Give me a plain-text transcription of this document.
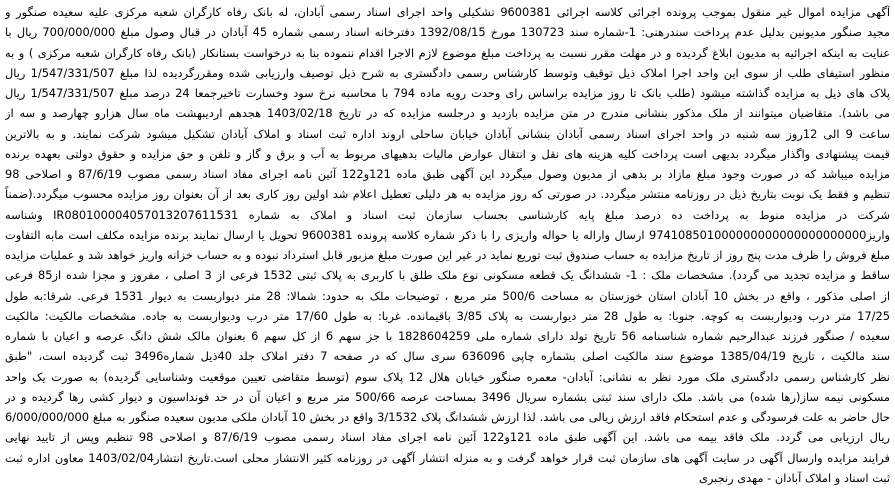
آگهی مزایده اموال غیر منقول بموجب پرونده اجرائی کلاسه اجرائی 9600381 تشکیلی واحد اجرای اسناد رسمی آبادان، له بانک رفاه کارگران شعبه مرکزی علیه سعیده صنگور و
مجید صنگور مدیونین بدلیل عدم پرداخت سندرهنی: 1-شماره سند 130723 مورخ 1392/08/15 دفترخانه اسناد رسمی شماره 45 آبادان در قبال وصول مبلغ 700/000/000 ریال با
عنایت به اینکه اجرائیه به مدیون ابلاغ گردیده و در مهلت مقرر نسبت به پرداخت مبلغ موضوع لازم الاجرا اقدام ننموده بنا به درخواست بستانکار (بانک رفاه کارگران شعبه مرکزی ) و به
منظور استیفای طلب از سوی این واحد اجرا املاک ذیل توقیف وتوسط کارشناس رسمی دادگستری به شرح ذیل توصیف وارزیابی شده ومقررگردیده لذا مبلغ 1/547/331/507 ریال
پلاک های ذیل به مزایده گذاشته میشود (طلب بانک تا روز مزایده براساس رای وحدت رویه ماده 794 با محاسبه نرخ سود وخسارت تاخیرجمعا 24 درصد مبلغ 1/547/331/507 ریال
می باشد). متقاضیان میتوانند از ملک مذکور بنشانی مندرج در متن مزایده بازدید و درجلسه مزایده که در تاریخ 1403/02/18 هجدهم اردیبهشت ماه سال هزارو چهارصد و سه از
ساعت 9 الی 12روز سه شنبه در واحد اجرای اسناد رسمی آبادان بنشانی آبادان خیابان ساحلی اروند اداره ثبت اسناد و املاک آبادان تشکیل میشود شرکت نمایند. و به بالاترین
قیمت پیشنهادی واگذار میگردد بدیهی است پرداخت کلیه هزینه های نقل و انتقال عوارض مالیات بدهیهای مربوط به آب و برق و گاز و تلفن و حق مزایده و حقوق دولتی بعهده برنده
مزایده میباشد که در صورت وجود مبلغ مازاد بر بدهی از مدیون وصول میگردد این آگهی طبق ماده 121و122 آئین نامه اجرای مفاد اسناد رسمی مصوب 87/6/19 و اصلاحی 98
تنظیم و فقط یک نوبت بتاریخ ذیل در روزنامه منتشر میگردد. در صورتی که روز مزایده به هر دلیلی تعطیل اعلام شد اولین روز کاری بعد از آن بعنوان روز مزایده محسوب میگردد.(ضمناً
شرکت در مزایده منوط به پرداخت ده درصد مبلغ پایه کارشناسی بحساب سازمان ثبت اسناد و املاک به شماره IR080100004057013207611531 وشناسه
واریز974108501000000000000000000000 ارسال واراله یا حواله واریزی را با ذکر شماره کلاسه پرونده 9600381 تحویل یا ارسال نمایند برنده مزایده مکلف است مابه التفاوت
مبلغ فروش را ظرف مدت پنج روز از تاریخ مزایده به حساب صندوق ثبت توریع نماید در غیر این صورت مبلغ مزبور قابل استرداد نبوده و به حساب خزانه واریز خواهد شد و عملیات مزایده
ساقط و مزایده تجدید می گردد). مشخصات ملک : 1- ششدانگ یک قطعه مسکونی نوع ملک طلق با کاربری به پلاک ثبتی 1532 فرعی از 3 اصلی ، مفروز و مجزا شده از85 فرعی
از اصلی مذکور ، واقع در بخش 10 آبادان استان خوزستان به مساحت 500/6 متر مربع ، توضیحات ملک به حدود: شمالا: 28 متر دیواربست به دیوار 1531 فرعی. شرقا:به طول
17/25 متر درب ودیواربست به کوچه. جنوبا: به طول 28 متر دیواربست به پلاک 3/85 باقیمانده. غربا: به طول 17/60 متر درب ودیواربست به جاده. مشخصات مالکیت: مالکیت
سعیده / صنگور فرزند عبدالرحیم شماره شناسنامه 56 تاریخ تولد دارای شماره ملی 1828604259 با جز سهم 6 از کل سهم 6 بعنوان مالک شش دانگ عرصه و اعیان با شماره
سند مالکیت ، تاریخ 1385/04/19 موضوع سند مالکیت اصلی بشماره چاپی 636096 سری سال که در صفحه 7 دفتر املاک جلد 40ذیل شماره3496 ثبت گردیده است، "طبق
نظر کارشناس رسمی دادگستری ملک مورد نظر به نشانی: آبادان- معمره صنگور خیابان هلال 12 پلاک سوم (توسط متقاضی تعیین موقعیت وشناسایی گردیده) به صورت یک واحد
مسکونی نیمه ساز(رها شده) می باشد. ملک دارای سند ثبتی بشماره سریال 3496 بمساحت عرصه 500/66 متر مربع و اعیان آن در حد فونداسیون و دیوار کشی رها گردیده و در
حال حاضر به علت فرسودگی و عدم استحکام فاقد ارزش ریالی می باشد. لذا ارزش ششدانگ پلاک 3/1532 واقع در بخش 10 آبادان ملکی مدیون سعیده صنگور به مبلغ 6/000/000/000
ریال ارزیابی می گردد. ملک فاقد بیمه می باشد. این آگهی طبق ماده 121و122 آئین نامه اجرای مفاد اسناد رسمی مصوب 87/6/19 و اصلاحی 98 تنظیم وپس از تایید نهایی
فرایند مزایده وارسال آگهی در سایت آگهی های سازمان ثبت قرار خواهد گرفت و به منزله انتشار آگهی در روزنامه کثیر الانتشار محلی است.تاریخ انتشار1403/02/04 معاون اداره ثبت
ثبت اسناد و املاک آبادان - مهدی رنجبری
